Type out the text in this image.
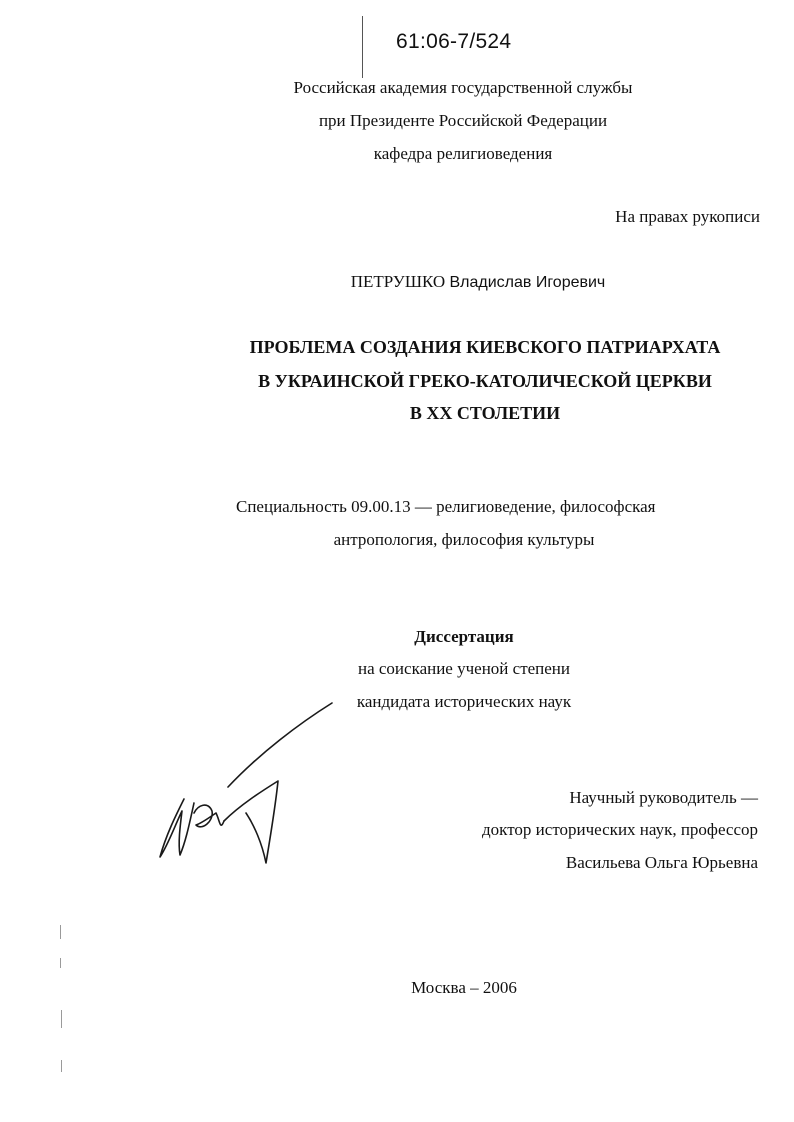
61:06-7/524
Российская академия государственной службы
при Президенте Российской Федерации
кафедра религиоведения
На правах рукописи
ПЕТРУШКО Владислав Игоревич
ПРОБЛЕМА СОЗДАНИЯ КИЕВСКОГО ПАТРИАРХАТА
В УКРАИНСКОЙ ГРЕКО-КАТОЛИЧЕСКОЙ ЦЕРКВИ
В XX СТОЛЕТИИ
Специальность 09.00.13 — религиоведение, философская
антропология, философия культуры
Диссертация
на соискание ученой степени
кандидата исторических наук
Научный руководитель —
доктор исторических наук, профессор
Васильева Ольга Юрьевна
Москва – 2006
